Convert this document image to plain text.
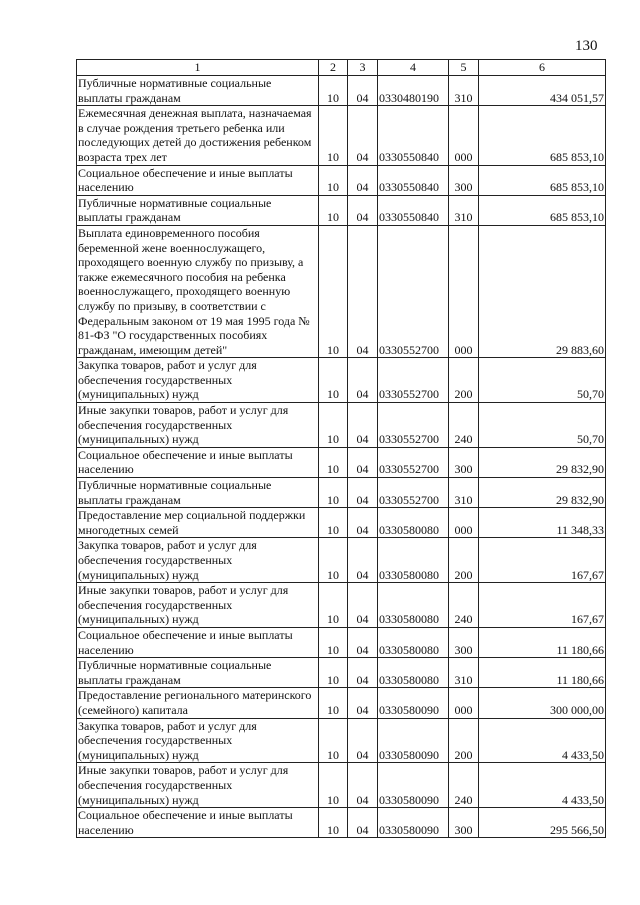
130
1	2	3	4	5	6
Публичные нормативные социальные выплаты гражданам	10	04	0330480190	310	434 051,57
Ежемесячная денежная выплата, назначаемая в случае рождения третьего ребенка или последующих детей до достижения ребенком возраста трех лет	10	04	0330550840	000	685 853,10
Социальное обеспечение и иные выплаты населению	10	04	0330550840	300	685 853,10
Публичные нормативные социальные выплаты гражданам	10	04	0330550840	310	685 853,10
Выплата единовременного пособия беременной жене военнослужащего, проходящего военную службу по призыву, а также ежемесячного пособия на ребенка военнослужащего, проходящего военную службу по призыву, в соответствии с Федеральным законом от 19 мая 1995 года № 81-ФЗ "О государственных пособиях гражданам, имеющим детей"	10	04	0330552700	000	29 883,60
Закупка товаров, работ и услуг для обеспечения государственных (муниципальных) нужд	10	04	0330552700	200	50,70
Иные закупки товаров, работ и услуг для обеспечения государственных (муниципальных) нужд	10	04	0330552700	240	50,70
Социальное обеспечение и иные выплаты населению	10	04	0330552700	300	29 832,90
Публичные нормативные социальные выплаты гражданам	10	04	0330552700	310	29 832,90
Предоставление мер социальной поддержки многодетных семей	10	04	0330580080	000	11 348,33
Закупка товаров, работ и услуг для обеспечения государственных (муниципальных) нужд	10	04	0330580080	200	167,67
Иные закупки товаров, работ и услуг для обеспечения государственных (муниципальных) нужд	10	04	0330580080	240	167,67
Социальное обеспечение и иные выплаты населению	10	04	0330580080	300	11 180,66
Публичные нормативные социальные выплаты гражданам	10	04	0330580080	310	11 180,66
Предоставление регионального материнского (семейного) капитала	10	04	0330580090	000	300 000,00
Закупка товаров, работ и услуг для обеспечения государственных (муниципальных) нужд	10	04	0330580090	200	4 433,50
Иные закупки товаров, работ и услуг для обеспечения государственных (муниципальных) нужд	10	04	0330580090	240	4 433,50
Социальное обеспечение и иные выплаты населению	10	04	0330580090	300	295 566,50
